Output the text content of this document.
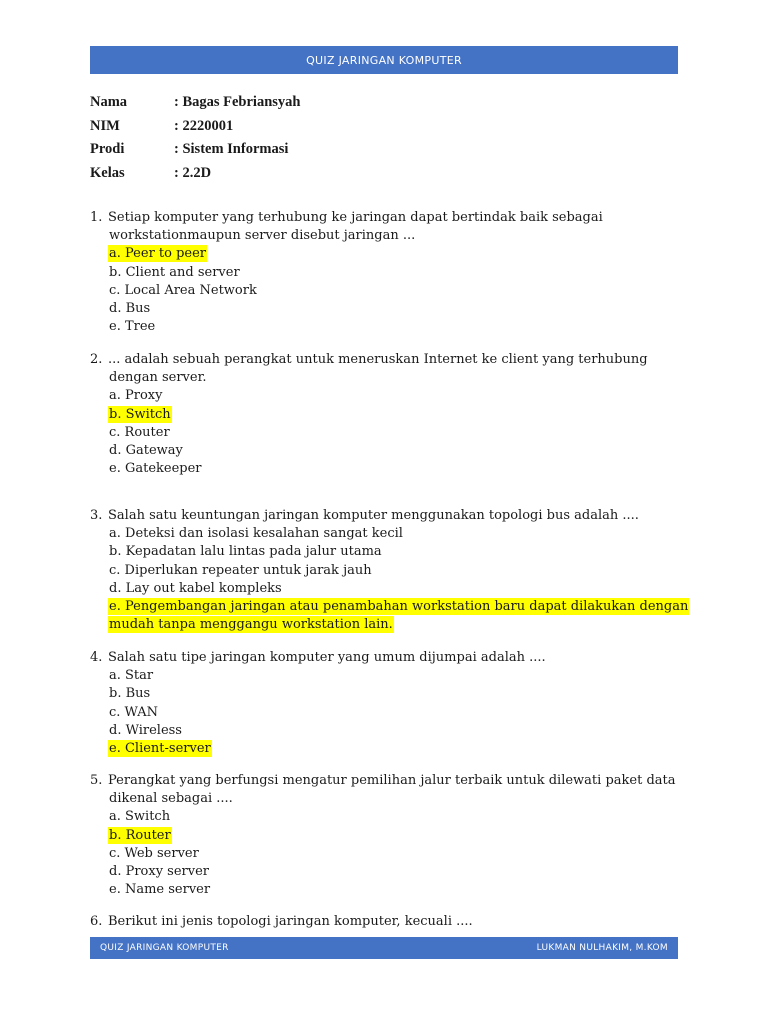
QUIZ JARINGAN KOMPUTER
Nama	: Bagas Febriansyah
NIM	: 2220001
Prodi	: Sistem Informasi
Kelas	: 2.2D
1. Setiap komputer yang terhubung ke jaringan dapat bertindak baik sebagai
workstationmaupun server disebut jaringan ...
a. Peer to peer
b. Client and server
c. Local Area Network
d. Bus
e. Tree
2. ... adalah sebuah perangkat untuk meneruskan Internet ke client yang terhubung
dengan server.
a. Proxy
b. Switch
c. Router
d. Gateway
e. Gatekeeper
3. Salah satu keuntungan jaringan komputer menggunakan topologi bus adalah ....
a. Deteksi dan isolasi kesalahan sangat kecil
b. Kepadatan lalu lintas pada jalur utama
c. Diperlukan repeater untuk jarak jauh
d. Lay out kabel kompleks
e. Pengembangan jaringan atau penambahan workstation baru dapat dilakukan dengan
mudah tanpa menggangu workstation lain.
4. Salah satu tipe jaringan komputer yang umum dijumpai adalah ....
a. Star
b. Bus
c. WAN
d. Wireless
e. Client-server
5. Perangkat yang berfungsi mengatur pemilihan jalur terbaik untuk dilewati paket data
dikenal sebagai ....
a. Switch
b. Router
c. Web server
d. Proxy server
e. Name server
6. Berikut ini jenis topologi jaringan komputer, kecuali ....
QUIZ JARINGAN KOMPUTER	LUKMAN NULHAKIM, M.KOM
